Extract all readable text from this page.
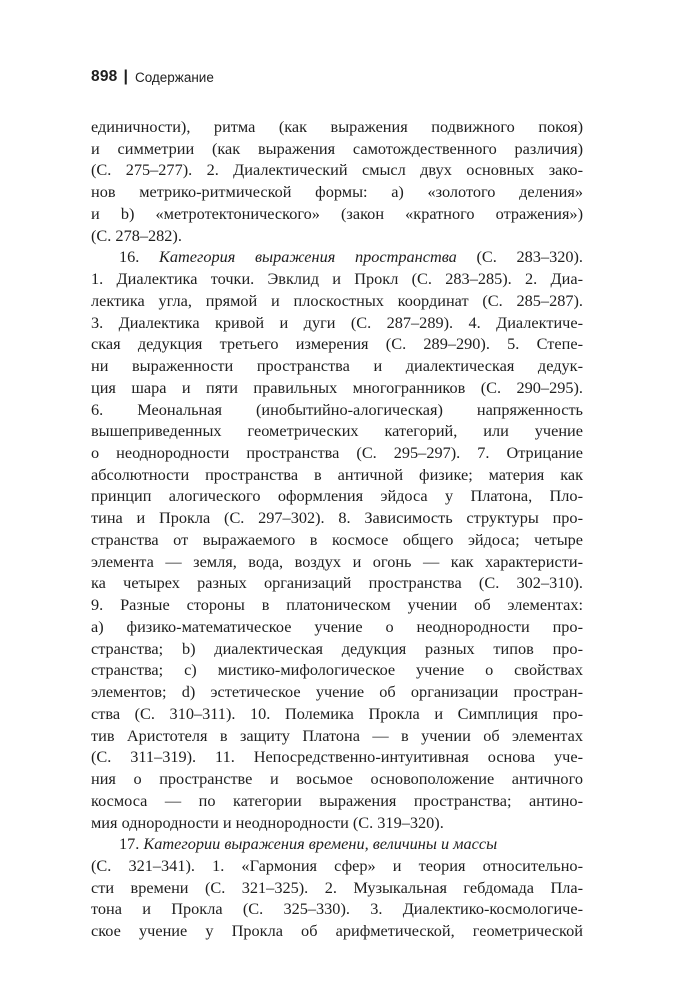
898 | Содержание
единичности), ритма (как выражения подвижного покоя)
и симметрии (как выражения самотождественного различия)
(С. 275–277). 2. Диалектический смысл двух основных зако-
нов метрико-ритмической формы: а) «золотого деления»
и b) «метротектонического» (закон «кратного отражения»)
(С. 278–282).
16. Категория выражения пространства (С. 283–320).
1. Диалектика точки. Эвклид и Прокл (С. 283–285). 2. Диа-
лектика угла, прямой и плоскостных координат (С. 285–287).
3. Диалектика кривой и дуги (С. 287–289). 4. Диалектиче-
ская дедукция третьего измерения (С. 289–290). 5. Степе-
ни выраженности пространства и диалектическая дедук-
ция шара и пяти правильных многогранников (С. 290–295).
6. Меональная (инобытийно-алогическая) напряженность
вышеприведенных геометрических категорий, или учение
о неоднородности пространства (С. 295–297). 7. Отрицание
абсолютности пространства в античной физике; материя как
принцип алогического оформления эйдоса у Платона, Пло-
тина и Прокла (С. 297–302). 8. Зависимость структуры про-
странства от выражаемого в космосе общего эйдоса; четыре
элемента — земля, вода, воздух и огонь — как характеристи-
ка четырех разных организаций пространства (С. 302–310).
9. Разные стороны в платоническом учении об элементах:
а) физико-математическое учение о неоднородности про-
странства; b) диалектическая дедукция разных типов про-
странства; с) мистико-мифологическое учение о свойствах
элементов; d) эстетическое учение об организации простран-
ства (С. 310–311). 10. Полемика Прокла и Симплиция про-
тив Аристотеля в защиту Платона — в учении об элементах
(С. 311–319). 11. Непосредственно-интуитивная основа уче-
ния о пространстве и восьмое основоположение античного
космоса — по категории выражения пространства; антино-
мия однородности и неоднородности (С. 319–320).
17. Категории выражения времени, величины и массы
(С. 321–341). 1. «Гармония сфер» и теория относительно-
сти времени (С. 321–325). 2. Музыкальная гебдомада Пла-
тона и Прокла (С. 325–330). 3. Диалектико-космологиче-
ское учение у Прокла об арифметической, геометрической
